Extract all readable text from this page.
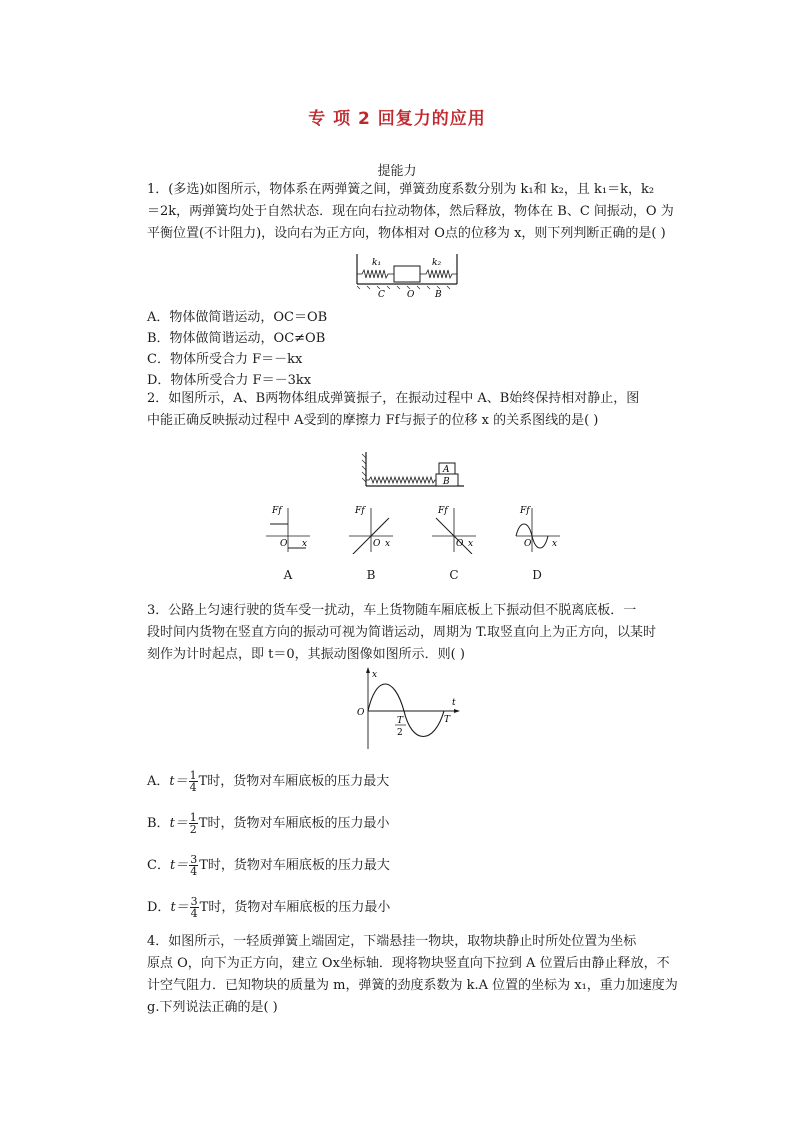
专 项 2 回复力的应用
提能力
1．(多选)如图所示，物体系在两弹簧之间，弹簧劲度系数分别为 k₁和 k₂，且 k₁＝k，k₂
＝2k，两弹簧均处于自然状态．现在向右拉动物体，然后释放，物体在 B、C 间振动，O 为
平衡位置(不计阻力)，设向右为正方向，物体相对 O点的位移为 x，则下列判断正确的是( )
k₁	k₂
C O B
A．物体做简谐运动，OC＝OB
B．物体做简谐运动，OC≠OB
C．物体所受合力 F＝－kx
D．物体所受合力 F＝－3kx
2．如图所示，A、B两物体组成弹簧振子，在振动过程中 A、B始终保持相对静止，图
中能正确反映振动过程中 A受到的摩擦力 Ff与振子的位移 x 的关系图线的是( )
A
B
Ff
O x
Ff
O x
Ff
O x
Ff
O x
A	B	C	D
3．公路上匀速行驶的货车受一扰动，车上货物随车厢底板上下振动但不脱离底板．一
段时间内货物在竖直方向的振动可视为简谐运动，周期为 T.取竖直向上为正方向，以某时
刻作为计时起点，即 t＝0，其振动图像如图所示．则( )
x
t
O
T
2
T
A．$t= \frac{1}{4}$ T时，货物对车厢底板的压力最大
B．$t= \frac{1}{2}$ T时，货物对车厢底板的压力最小
C．$t= \frac{3}{4}$ T时，货物对车厢底板的压力最大
D．$t= \frac{3}{4}$ T时，货物对车厢底板的压力最小
4．如图所示，一轻质弹簧上端固定，下端悬挂一物块，取物块静止时所处位置为坐标
原点 O，向下为正方向，建立 Ox坐标轴．现将物块竖直向下拉到 A 位置后由静止释放，不
计空气阻力．已知物块的质量为 m，弹簧的劲度系数为 k.A 位置的坐标为 x₁，重力加速度为
g.下列说法正确的是( )
